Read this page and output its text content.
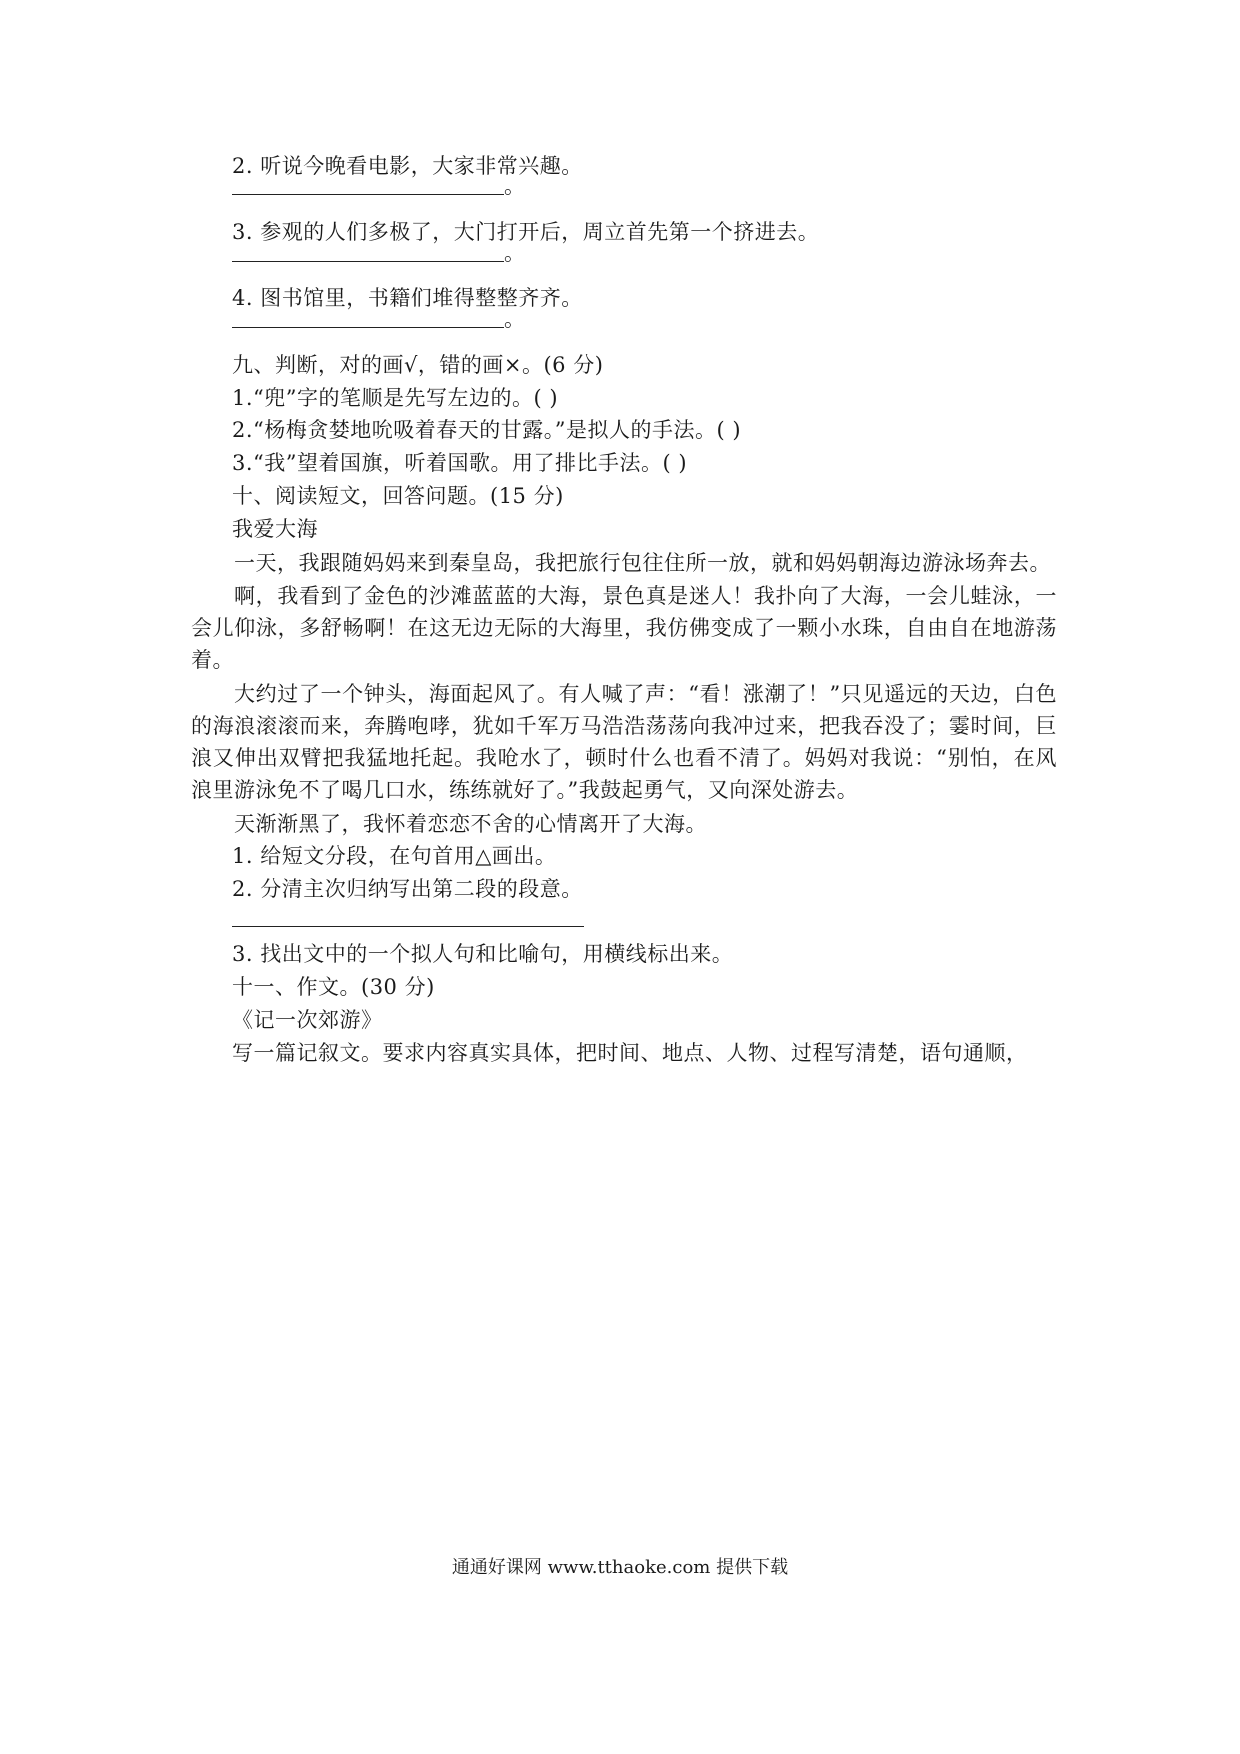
2. 听说今晚看电影，大家非常兴趣。
。
3. 参观的人们多极了，大门打开后，周立首先第一个挤进去。
。
4. 图书馆里，书籍们堆得整整齐齐。
。
九、判断，对的画√，错的画×。(6 分)
1.“兜”字的笔顺是先写左边的。( )
2.“杨梅贪婪地吮吸着春天的甘露。”是拟人的手法。( )
3.“我”望着国旗，听着国歌。用了排比手法。( )
十、阅读短文，回答问题。(15 分)
我爱大海
一天，我跟随妈妈来到秦皇岛，我把旅行包往住所一放，就和妈妈朝海边游泳场奔去。
啊，我看到了金色的沙滩蓝蓝的大海，景色真是迷人！我扑向了大海，一会儿蛙泳，一会儿仰泳，多舒畅啊！在这无边无际的大海里，我仿佛变成了一颗小水珠，自由自在地游荡着。
大约过了一个钟头，海面起风了。有人喊了声：“看！涨潮了！”只见遥远的天边，白色的海浪滚滚而来，奔腾咆哮，犹如千军万马浩浩荡荡向我冲过来，把我吞没了；霎时间，巨浪又伸出双臂把我猛地托起。我呛水了，顿时什么也看不清了。妈妈对我说：“别怕，在风浪里游泳免不了喝几口水，练练就好了。”我鼓起勇气，又向深处游去。
天渐渐黑了，我怀着恋恋不舍的心情离开了大海。
1. 给短文分段，在句首用△画出。
2. 分清主次归纳写出第二段的段意。
3. 找出文中的一个拟人句和比喻句，用横线标出来。
十一、作文。(30 分)
《记一次郊游》
写一篇记叙文。要求内容真实具体，把时间、地点、人物、过程写清楚，语句通顺，
通通好课网 www.tthaoke.com 提供下载
